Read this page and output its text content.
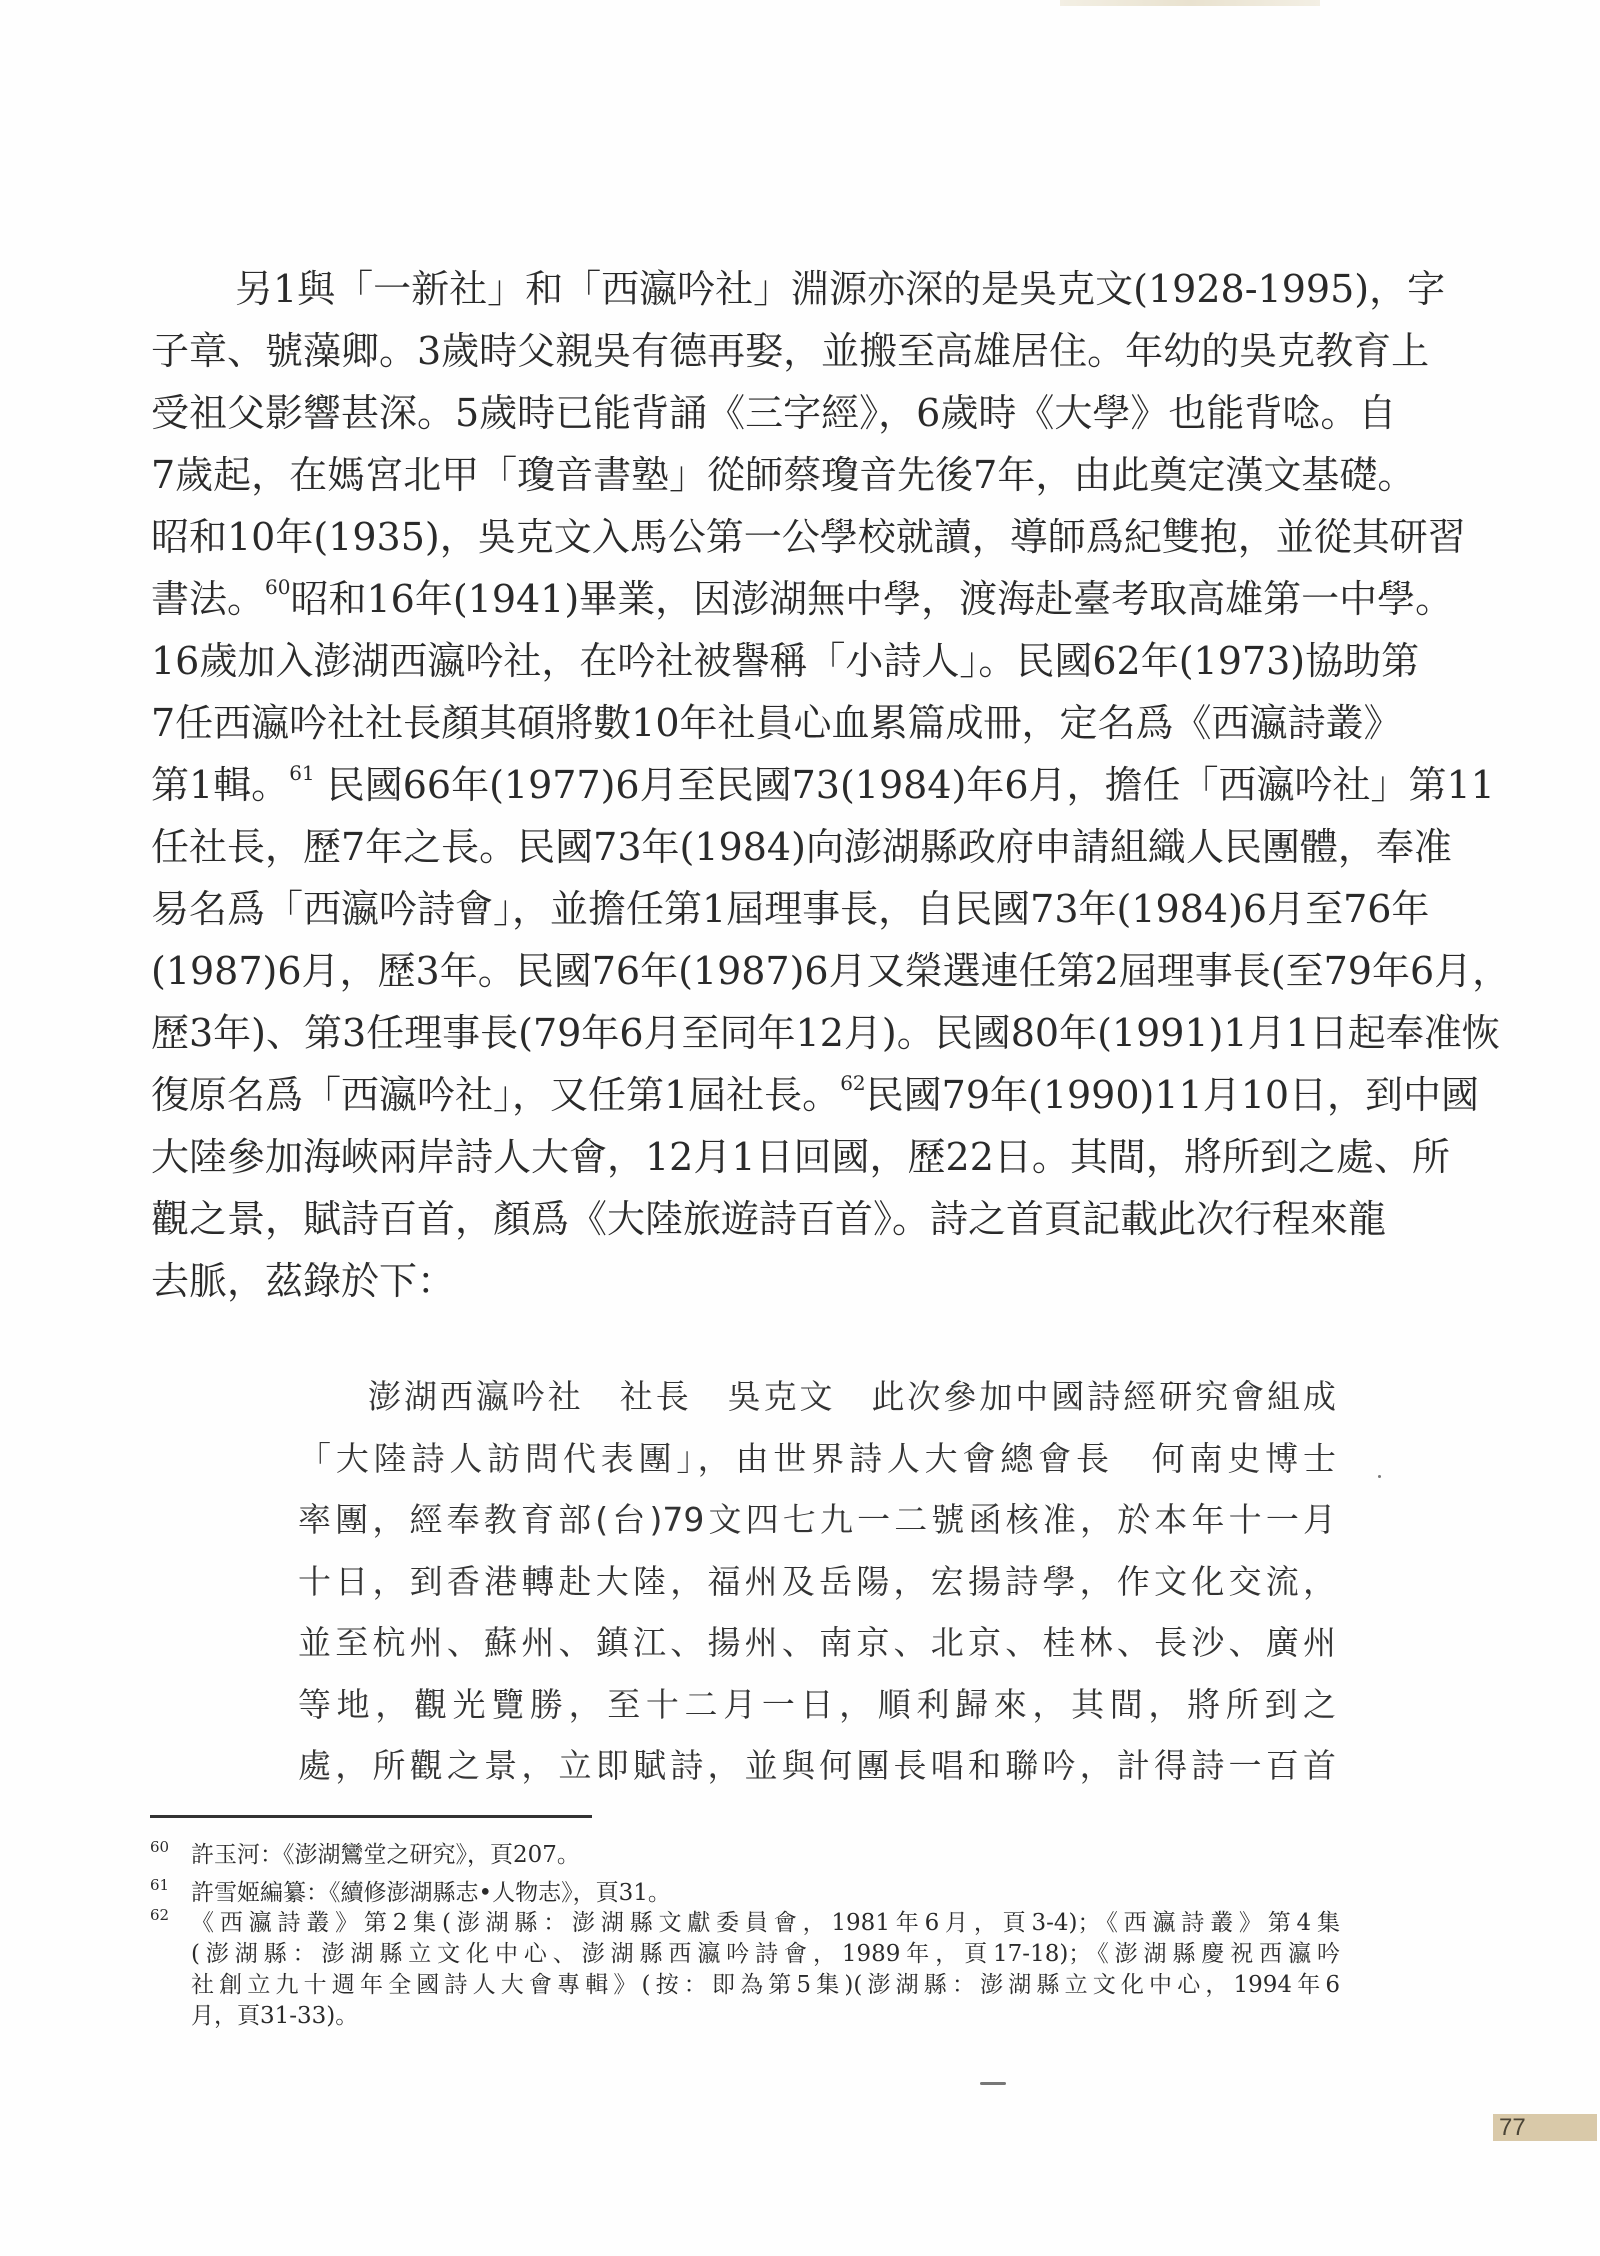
另1與「一新社」和「西瀛吟社」淵源亦深的是吳克文(1928-1995)，字
子章、號藻卿。3歲時父親吳有德再娶，並搬至高雄居住。年幼的吳克教育上
受祖父影響甚深。5歲時已能背誦《三字經》，6歲時《大學》也能背唸。自
7歲起，在媽宮北甲「瓊音書塾」從師蔡瓊音先後7年，由此奠定漢文基礎。
昭和10年(1935)，吳克文入馬公第一公學校就讀，導師爲紀雙抱，並從其研習
書法。$^{60}$昭和16年(1941)畢業，因澎湖無中學，渡海赴臺考取高雄第一中學。
16歲加入澎湖西瀛吟社，在吟社被譽稱「小詩人」。民國62年(1973)協助第
7任西瀛吟社社長顏其碩將數10年社員心血累篇成冊，定名爲《西瀛詩叢》
第1輯。$^{61}$ 民國66年(1977)6月至民國73(1984)年6月，擔任「西瀛吟社」第11
任社長，歷7年之長。民國73年(1984)向澎湖縣政府申請組織人民團體，奉准
易名爲「西瀛吟詩會」，並擔任第1屆理事長，自民國73年(1984)6月至76年
(1987)6月，歷3年。民國76年(1987)6月又榮選連任第2屆理事長(至79年6月，
歷3年)、第3任理事長(79年6月至同年12月)。民國80年(1991)1月1日起奉准恢
復原名爲「西瀛吟社」，又任第1屆社長。$^{62}$民國79年(1990)11月10日，到中國
大陸參加海峽兩岸詩人大會，12月1日回國，歷22日。其間，將所到之處、所
觀之景，賦詩百首，顏爲《大陸旅遊詩百首》。詩之首頁記載此次行程來龍
去脈，茲錄於下：
澎湖西瀛吟社　社長　吳克文　此次參加中國詩經研究會組成
「大陸詩人訪問代表團」，由世界詩人大會總會長　何南史博士
率團，經奉教育部(台)79文四七九一二號函核准，於本年十一月
十日，到香港轉赴大陸，福州及岳陽，宏揚詩學，作文化交流，
並至杭州、蘇州、鎮江、揚州、南京、北京、桂林、長沙、廣州
等地，觀光覽勝，至十二月一日，順利歸來，其間，將所到之
處，所觀之景，立即賦詩，並與何團長唱和聯吟，計得詩一百首
60 許玉河：《澎湖鸞堂之研究》，頁207。
61 許雪姬編纂：《續修澎湖縣志•人物志》，頁31。
62 《西瀛詩叢》第2集(澎湖縣：澎湖縣文獻委員會，1981年6月，頁3-4)；《西瀛詩叢》第4集
(澎湖縣：澎湖縣立文化中心、澎湖縣西瀛吟詩會，1989年，頁17-18)；《澎湖縣慶祝西瀛吟
社創立九十週年全國詩人大會專輯》(按：即為第5集)(澎湖縣：澎湖縣立文化中心，1994年6
月，頁31-33)。
77
